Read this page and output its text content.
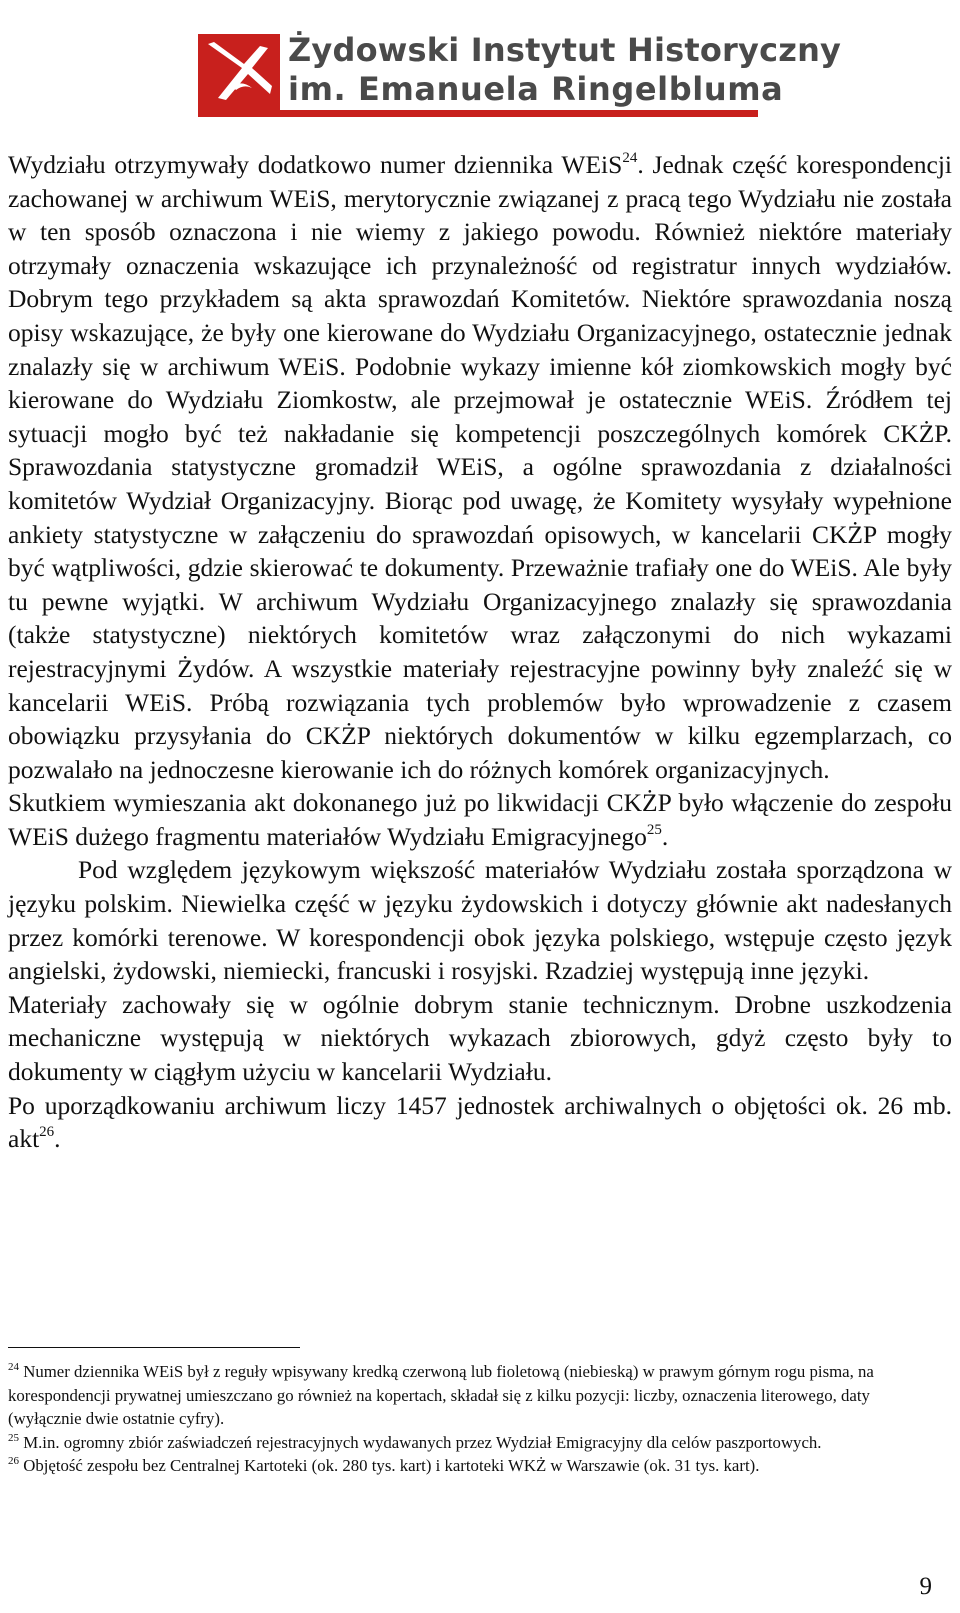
Żydowski Instytut Historyczny
im. Emanuela Ringelbluma

Wydziału otrzymywały dodatkowo numer dziennika WEiS$^{24}$. Jednak część korespondencji zachowanej w archiwum WEiS, merytorycznie związanej z pracą tego Wydziału nie została w ten sposób oznaczona i nie wiemy z jakiego powodu. Również niektóre materiały otrzymały oznaczenia wskazujące ich przynależność od registratur innych wydziałów. Dobrym tego przykładem są akta sprawozdań Komitetów. Niektóre sprawozdania noszą opisy wskazujące, że były one kierowane do Wydziału Organizacyjnego, ostatecznie jednak znalazły się w archiwum WEiS. Podobnie wykazy imienne kół ziomkowskich mogły być kierowane do Wydziału Ziomkostw, ale przejmował je ostatecznie WEiS. Źródłem tej sytuacji mogło być też nakładanie się kompetencji poszczególnych komórek CKŻP. Sprawozdania statystyczne gromadził WEiS, a ogólne sprawozdania z działalności komitetów Wydział Organizacyjny. Biorąc pod uwagę, że Komitety wysyłały wypełnione ankiety statystyczne w załączeniu do sprawozdań opisowych, w kancelarii CKŻP mogły być wątpliwości, gdzie skierować te dokumenty. Przeważnie trafiały one do WEiS. Ale były tu pewne wyjątki. W archiwum Wydziału Organizacyjnego znalazły się sprawozdania (także statystyczne) niektórych komitetów wraz załączonymi do nich wykazami rejestracyjnymi Żydów. A wszystkie materiały rejestracyjne powinny były znaleźć się w kancelarii WEiS. Próbą rozwiązania tych problemów było wprowadzenie z czasem obowiązku przysyłania do CKŻP niektórych dokumentów w kilku egzemplarzach, co pozwalało na jednoczesne kierowanie ich do różnych komórek organizacyjnych.

Skutkiem wymieszania akt dokonanego już po likwidacji CKŻP było włączenie do zespołu WEiS dużego fragmentu materiałów Wydziału Emigracyjnego$^{25}$.

Pod względem językowym większość materiałów Wydziału została sporządzona w języku polskim. Niewielka część w języku żydowskich i dotyczy głównie akt nadesłanych przez komórki terenowe. W korespondencji obok języka polskiego, wstępuje często język angielski, żydowski, niemiecki, francuski i rosyjski. Rzadziej występują inne języki.

Materiały zachowały się w ogólnie dobrym stanie technicznym. Drobne uszkodzenia mechaniczne występują w niektórych wykazach zbiorowych, gdyż często były to dokumenty w ciągłym użyciu w kancelarii Wydziału.

Po uporządkowaniu archiwum liczy 1457 jednostek archiwalnych o objętości ok. 26 mb. akt$^{26}$.

$^{24}$ Numer dziennika WEiS był z reguły wpisywany kredką czerwoną lub fioletową (niebieską) w prawym górnym rogu pisma, na korespondencji prywatnej umieszczano go również na kopertach, składał się z kilku pozycji: liczby, oznaczenia literowego, daty (wyłącznie dwie ostatnie cyfry).

$^{25}$ M.in. ogromny zbiór zaświadczeń rejestracyjnych wydawanych przez Wydział Emigracyjny dla celów paszportowych.

$^{26}$ Objętość zespołu bez Centralnej Kartoteki (ok. 280 tys. kart) i kartoteki WKŻ w Warszawie (ok. 31 tys. kart).

9
